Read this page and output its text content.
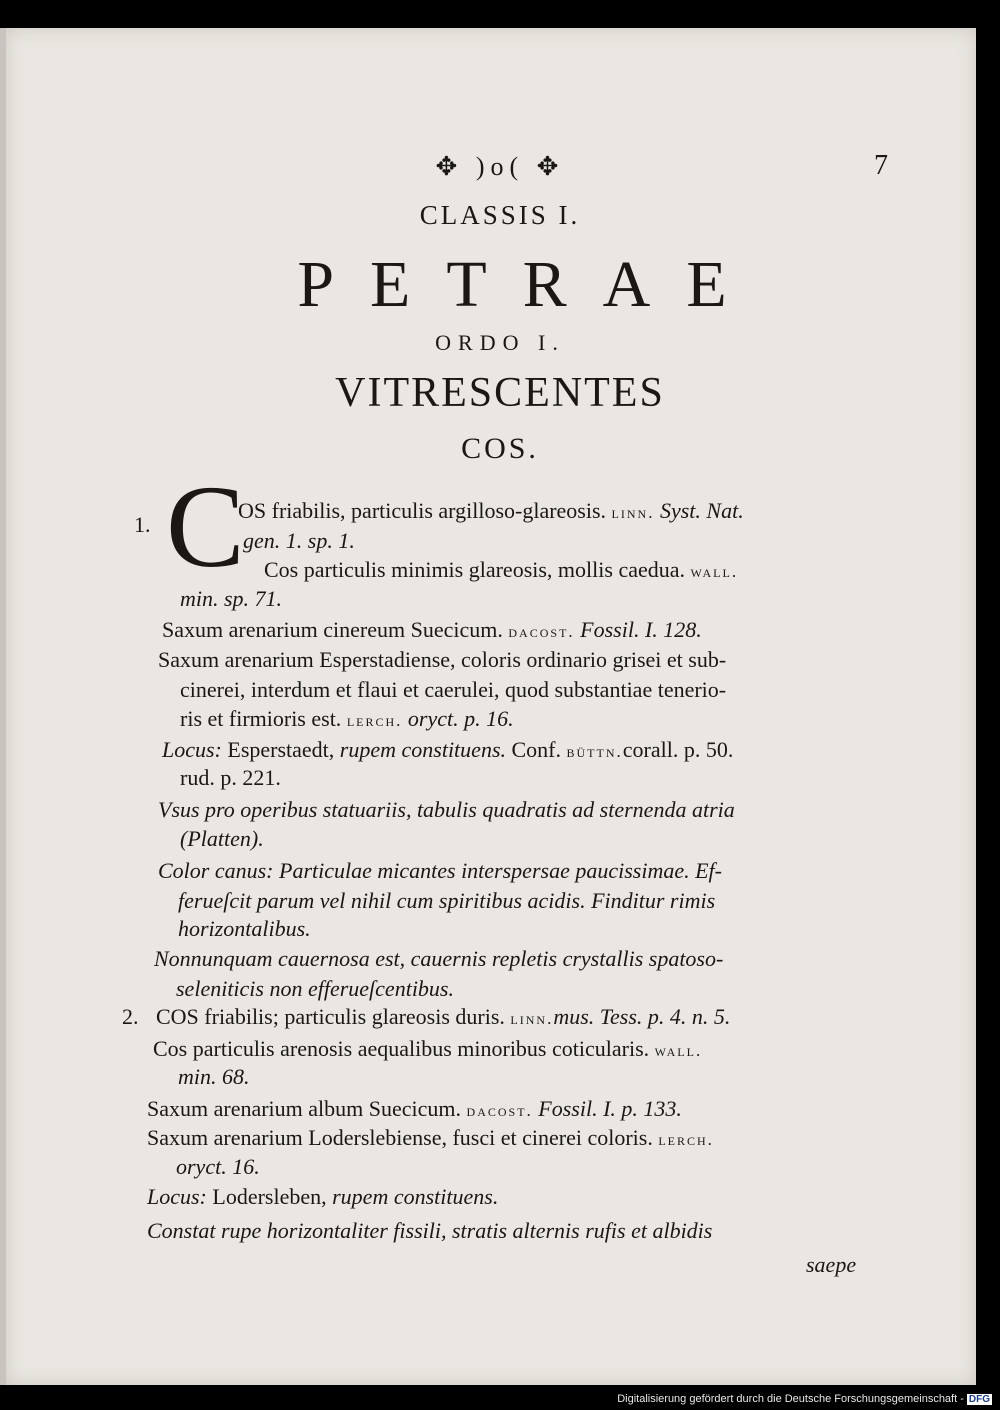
✥ )o( ✥	7
CLASSIS I.
PETRAE
ORDO I.
VITRESCENTES
COS.
1. C
OS friabilis, particulis argilloso-glareosis. linn. Syst. Nat.
gen. 1. sp. 1.
Cos particulis minimis glareosis, mollis caedua. wall.
min. sp. 71.
Saxum arenarium cinereum Suecicum. dacost. Fossil. I. 128.
Saxum arenarium Esperstadiense, coloris ordinario grisei et sub-
cinerei, interdum et flaui et caerulei, quod substantiae tenerio-
ris et firmioris est. lerch. oryct. p. 16.
Locus: Esperstaedt, rupem constituens. Conf. büttn.corall. p. 50.
rud. p. 221.
Vsus pro operibus statuariis, tabulis quadratis ad sternenda atria
(Platten).
Color canus: Particulae micantes interspersae paucissimae. Ef-
ferueſcit parum vel nihil cum spiritibus acidis. Finditur rimis
horizontalibus.
Nonnunquam cauernosa est, cauernis repletis crystallis spatoso-
seleniticis non efferueſcentibus.
2. COS friabilis; particulis glareosis duris. linn.mus. Tess. p. 4. n. 5.
Cos particulis arenosis aequalibus minoribus coticularis. wall.
min. 68.
Saxum arenarium album Suecicum. dacost. Fossil. I. p. 133.
Saxum arenarium Loderslebiense, fusci et cinerei coloris. lerch.
oryct. 16.
Locus: Lodersleben, rupem constituens.
Constat rupe horizontaliter fissili, stratis alternis rufis et albidis
saepe
Digitalisierung gefördert durch die Deutsche Forschungsgemeinschaft - DFG
